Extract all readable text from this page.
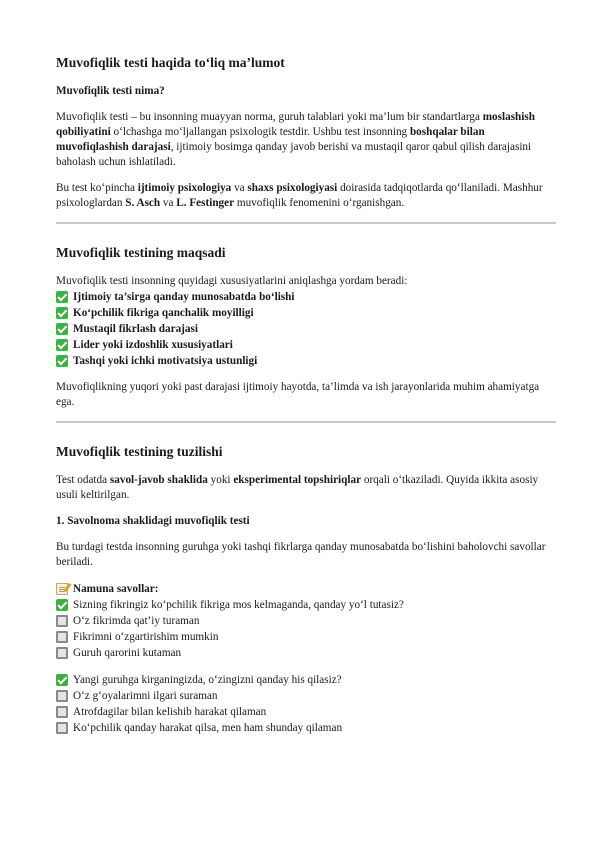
Muvofiqlik testi haqida to‘liq ma’lumot
Muvofiqlik testi nima?

Muvofiqlik testi – bu insonning muayyan norma, guruh talablari yoki ma’lum bir standartlarga moslashish qobiliyatini o‘lchashga mo‘ljallangan psixologik testdir. Ushbu test insonning boshqalar bilan muvofiqlashish darajasi, ijtimoiy bosimga qanday javob berishi va mustaqil qaror qabul qilish darajasini baholash uchun ishlatiladi.

Bu test ko‘pincha ijtimoiy psixologiya va shaxs psixologiyasi doirasida tadqiqotlarda qo‘llaniladi. Mashhur psixologlardan S. Asch va L. Festinger muvofiqlik fenomenini o‘rganishgan.

Muvofiqlik testining maqsadi
Muvofiqlik testi insonning quyidagi xususiyatlarini aniqlashga yordam beradi:
Ijtimoiy ta’sirga qanday munosabatda bo‘lishi
Ko‘pchilik fikriga qanchalik moyilligi
Mustaqil fikrlash darajasi
Lider yoki izdoshlik xususiyatlari
Tashqi yoki ichki motivatsiya ustunligi

Muvofiqlikning yuqori yoki past darajasi ijtimoiy hayotda, ta’limda va ish jarayonlarida muhim ahamiyatga ega.

Muvofiqlik testining tuzilishi

Test odatda savol-javob shaklida yoki eksperimental topshiriqlar orqali o‘tkaziladi. Quyida ikkita asosiy usuli keltirilgan.

1. Savolnoma shaklidagi muvofiqlik testi

Bu turdagi testda insonning guruhga yoki tashqi fikrlarga qanday munosabatda bo‘lishini baholovchi savollar beriladi.

Namuna savollar:
Sizning fikringiz ko‘pchilik fikriga mos kelmaganda, qanday yo‘l tutasiz?
O‘z fikrimda qat’iy turaman
Fikrimni o‘zgartirishim mumkin
Guruh qarorini kutaman
Yangi guruhga kirganingizda, o‘zingizni qanday his qilasiz?
O‘z g‘oyalarimni ilgari suraman
Atrofdagilar bilan kelishib harakat qilaman
Ko‘pchilik qanday harakat qilsa, men ham shunday qilaman
